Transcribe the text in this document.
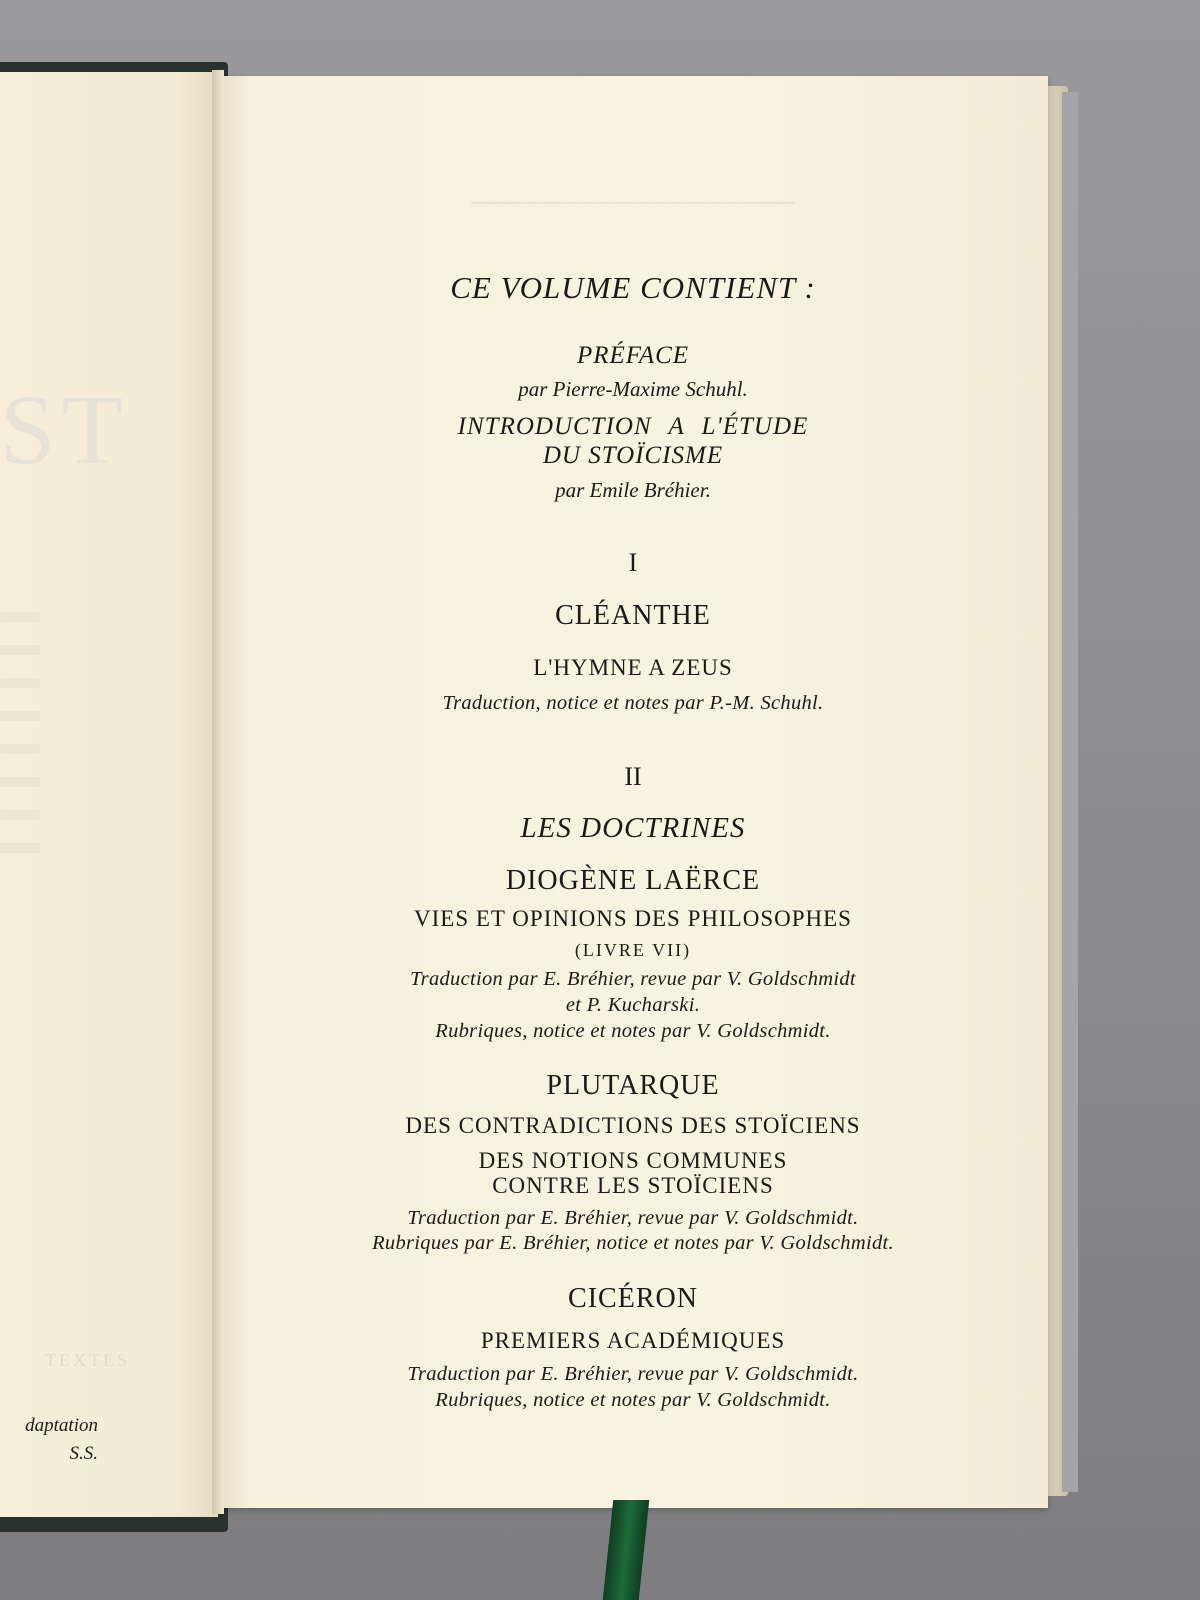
ST
TEXTES
daptation
S.S.
──────────────────
CE VOLUME CONTIENT :
PRÉFACE
par Pierre-Maxime Schuhl.
INTRODUCTION A L'ÉTUDE
DU STOÏCISME
par Emile Bréhier.
I
CLÉANTHE
L'HYMNE A ZEUS
Traduction, notice et notes par P.-M. Schuhl.
II
LES DOCTRINES
DIOGÈNE LAËRCE
VIES ET OPINIONS DES PHILOSOPHES
(LIVRE VII)
Traduction par E. Bréhier, revue par V. Goldschmidt
et P. Kucharski.
Rubriques, notice et notes par V. Goldschmidt.
PLUTARQUE
DES CONTRADICTIONS DES STOÏCIENS
DES NOTIONS COMMUNES
CONTRE LES STOÏCIENS
Traduction par E. Bréhier, revue par V. Goldschmidt.
Rubriques par E. Bréhier, notice et notes par V. Goldschmidt.
CICÉRON
PREMIERS ACADÉMIQUES
Traduction par E. Bréhier, revue par V. Goldschmidt.
Rubriques, notice et notes par V. Goldschmidt.
